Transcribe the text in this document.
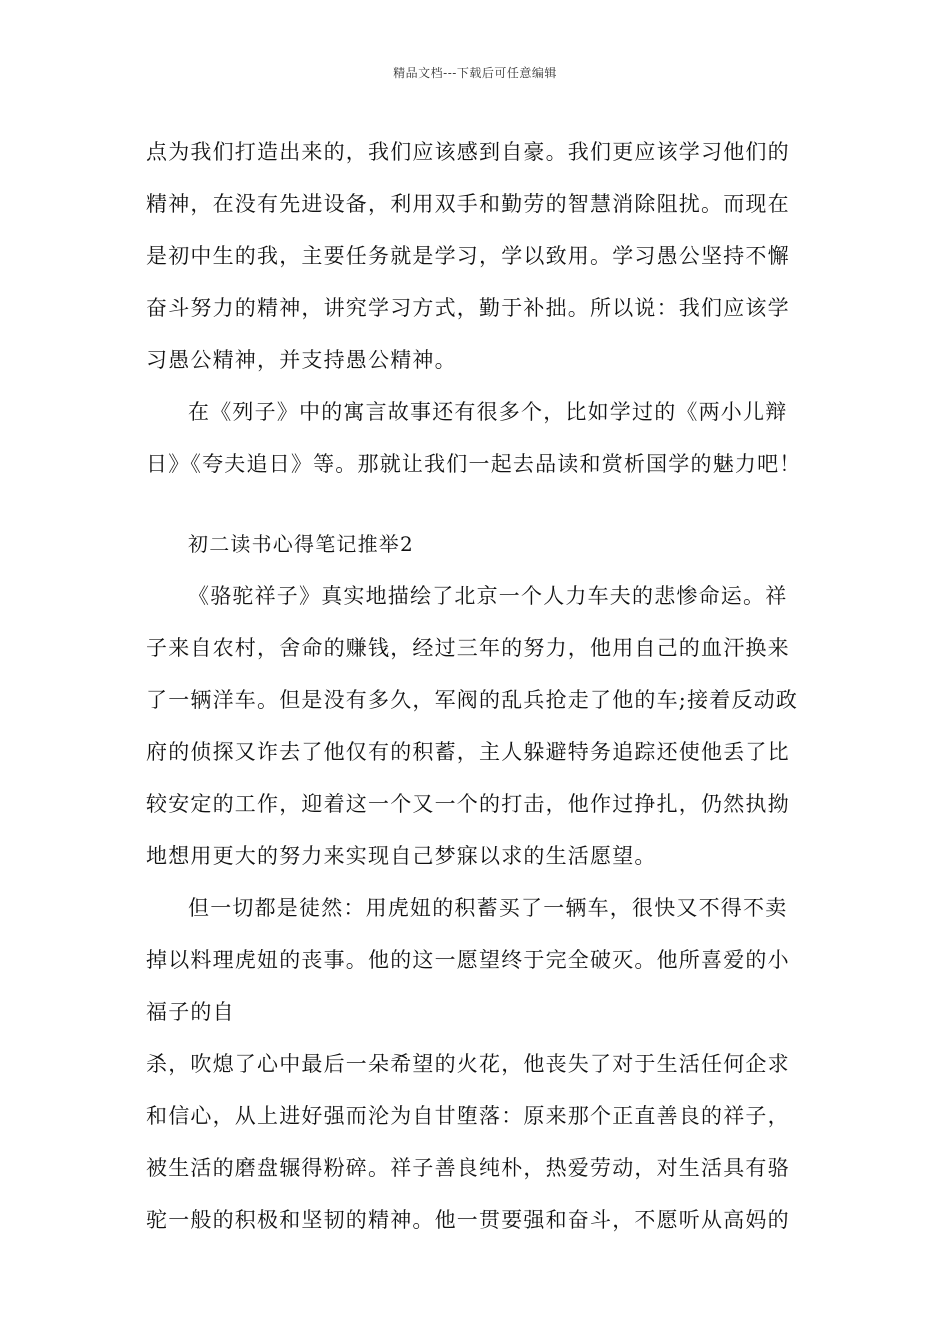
精品文档---下载后可任意编辑
点为我们打造出来的，我们应该感到自豪。我们更应该学习他们的
精神，在没有先进设备，利用双手和勤劳的智慧消除阻扰。而现在
是初中生的我，主要任务就是学习，学以致用。学习愚公坚持不懈
奋斗努力的精神，讲究学习方式，勤于补拙。所以说：我们应该学
习愚公精神，并支持愚公精神。
在《列子》中的寓言故事还有很多个，比如学过的《两小儿辩
日》《夸夫追日》等。那就让我们一起去品读和赏析国学的魅力吧！
初二读书心得笔记推举2
《骆驼祥子》真实地描绘了北京一个人力车夫的悲惨命运。祥
子来自农村，舍命的赚钱，经过三年的努力，他用自己的血汗换来
了一辆洋车。但是没有多久，军阀的乱兵抢走了他的车;接着反动政
府的侦探又诈去了他仅有的积蓄，主人躲避特务追踪还使他丢了比
较安定的工作，迎着这一个又一个的打击，他作过挣扎，仍然执拗
地想用更大的努力来实现自己梦寐以求的生活愿望。
但一切都是徒然：用虎妞的积蓄买了一辆车，很快又不得不卖
掉以料理虎妞的丧事。他的这一愿望终于完全破灭。他所喜爱的小
福子的自
杀，吹熄了心中最后一朵希望的火花，他丧失了对于生活任何企求
和信心，从上进好强而沦为自甘堕落：原来那个正直善良的祥子，
被生活的磨盘辗得粉碎。祥子善良纯朴，热爱劳动，对生活具有骆
驼一般的积极和坚韧的精神。他一贯要强和奋斗，不愿听从高妈的
